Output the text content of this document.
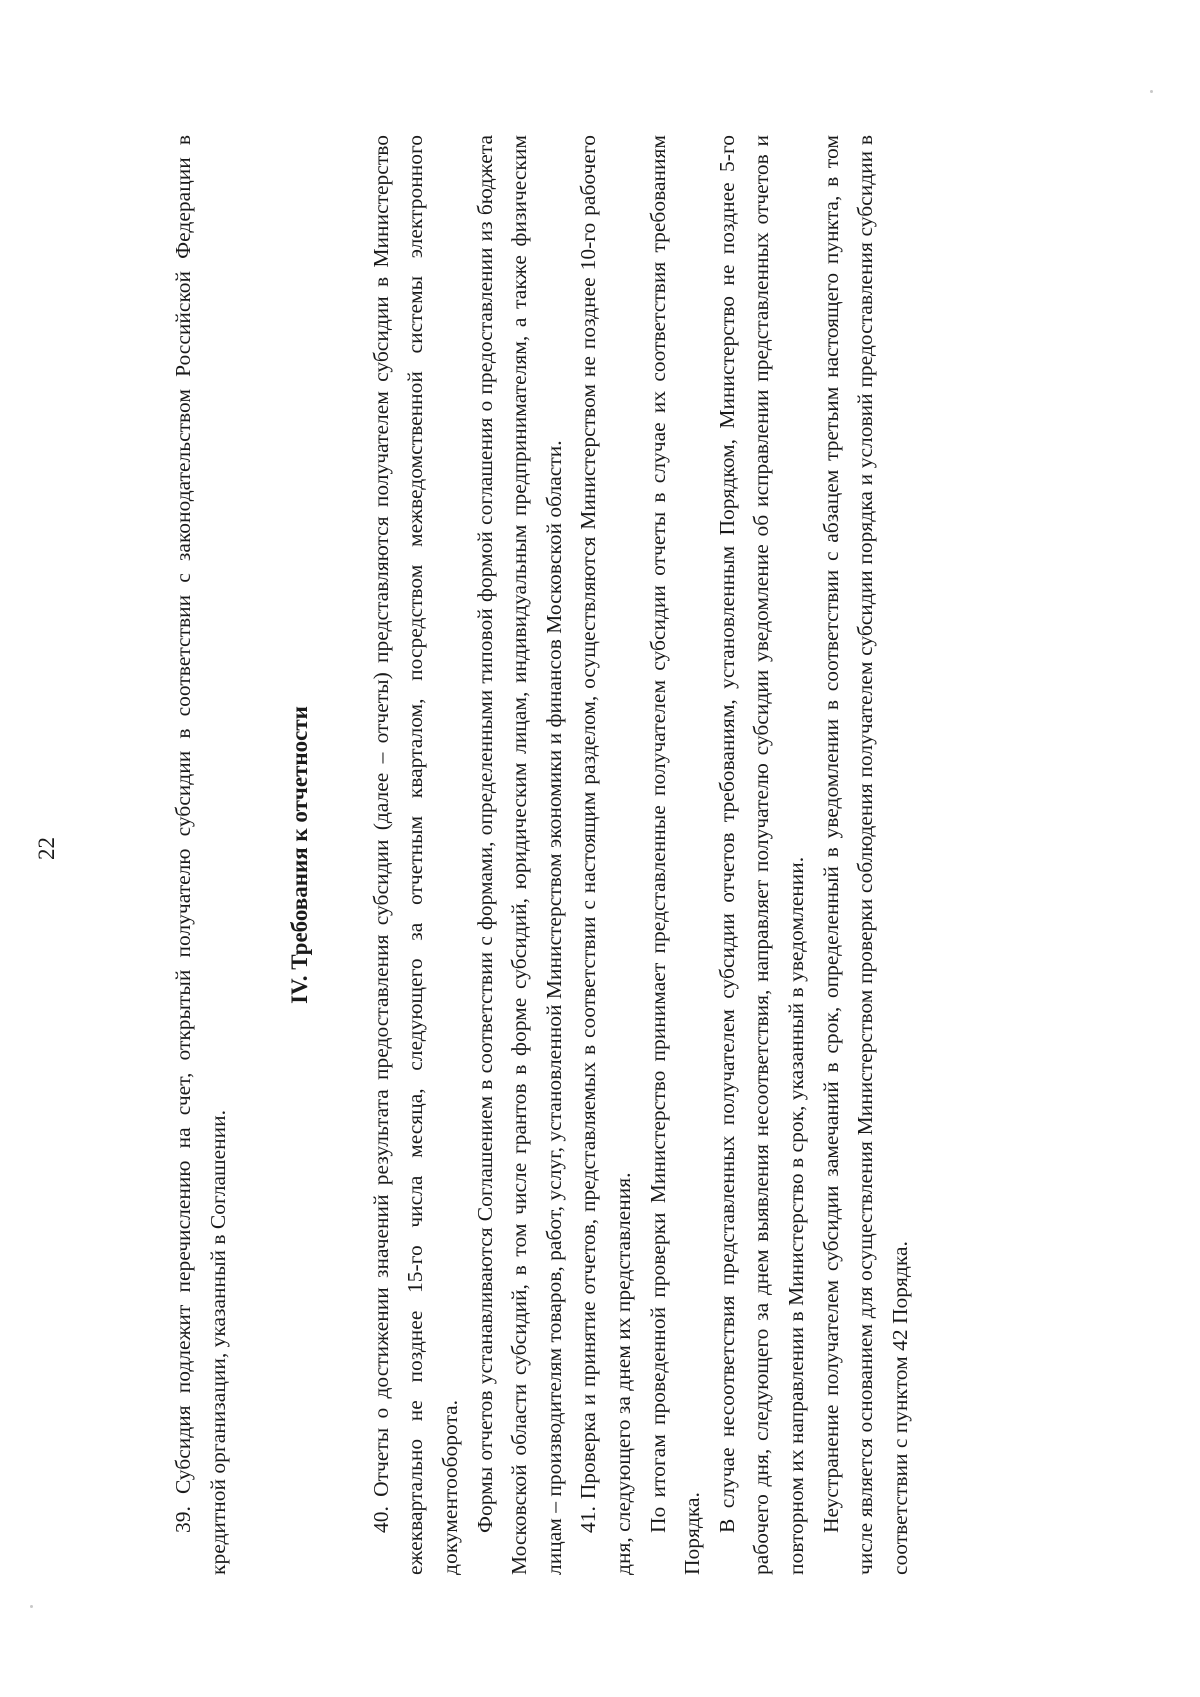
22	39. Субсидия подлежит перечислению на счет, открытый получателю субсидии в соответствии с законодательством Российской Федерации в кредитной организации, указанный в Соглашении.

IV. Требования к отчетности	40. Отчеты о достижении значений результата предоставления субсидии (далее – отчеты) представляются получателем субсидии в Министерство ежеквартально не позднее 15-го числа месяца, следующего за отчетным кварталом, посредством межведомственной системы электронного документооборота. Формы отчетов устанавливаются Соглашением в соответствии с формами, определенными типовой формой соглашения о предоставлении из бюджета Московской области субсидий, в том числе грантов в форме субсидий, юридическим лицам, индивидуальным предпринимателям, а также физическим лицам – производителям товаров, работ, услуг, установленной Министерством экономики и финансов Московской области. 41. Проверка и принятие отчетов, представляемых в соответствии с настоящим разделом, осуществляются Министерством не позднее 10-го рабочего дня, следующего за днем их представления. По итогам проведенной проверки Министерство принимает представленные получателем субсидии отчеты в случае их соответствия требованиям Порядка.

В случае несоответствия представленных получателем субсидии отчетов требованиям, установленным Порядком, Министерство не позднее 5-го рабочего дня, следующего за днем выявления несоответствия, направляет получателю субсидии уведомление об исправлении представленных отчетов и повторном их направлении в Министерство в срок, указанный в уведомлении. Неустранение получателем субсидии замечаний в срок, определенный в уведомлении в соответствии с абзацем третьим настоящего пункта, в том числе является основанием для осуществления Министерством проверки соблюдения получателем субсидии порядка и условий предоставления субсидии в соответствии с пунктом 42 Порядка.
